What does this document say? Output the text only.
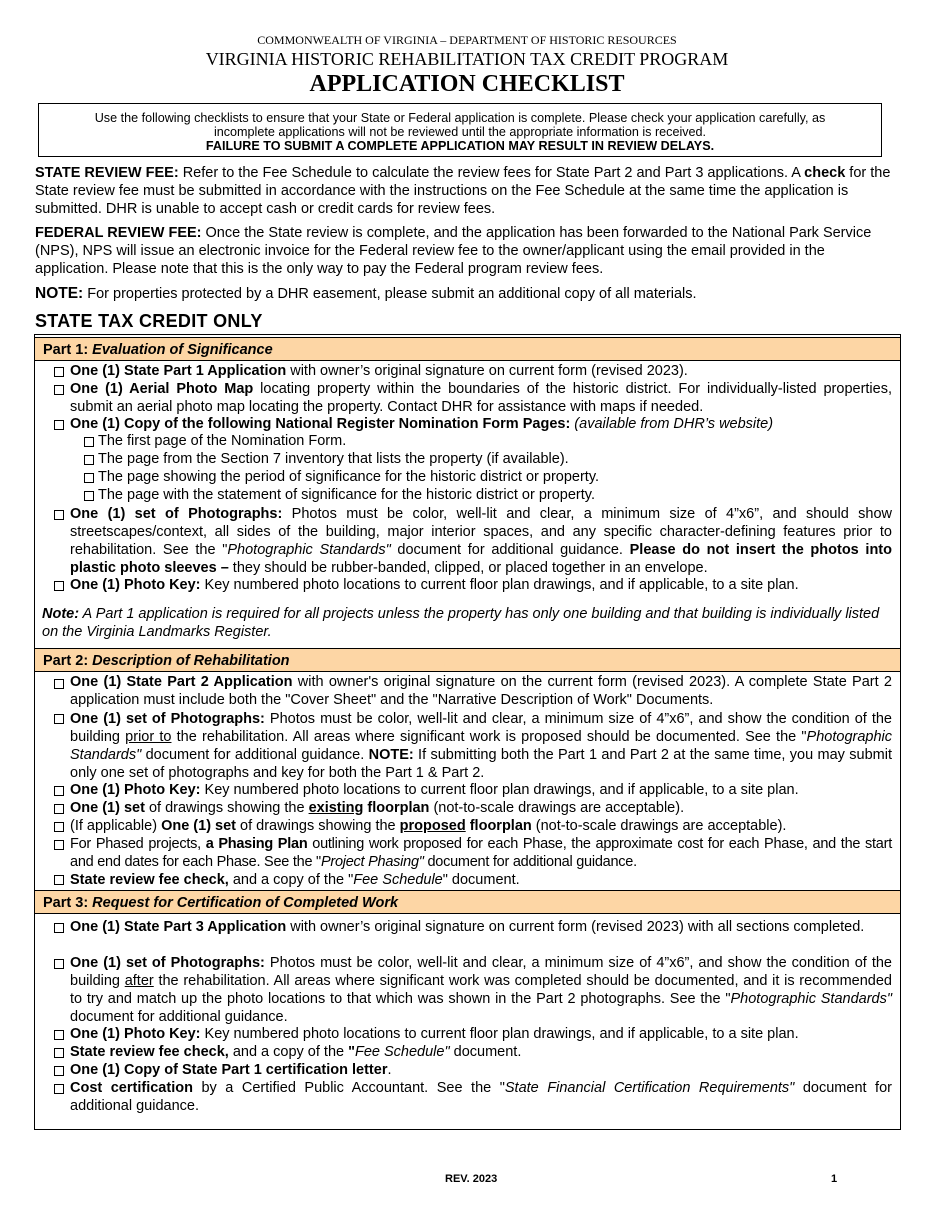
COMMONWEALTH OF VIRGINIA – DEPARTMENT OF HISTORIC RESOURCES
VIRGINIA HISTORIC REHABILITATION TAX CREDIT PROGRAM
APPLICATION CHECKLIST
Use the following checklists to ensure that your State or Federal application is complete. Please check your application carefully, as
incomplete applications will not be reviewed until the appropriate information is received.
FAILURE TO SUBMIT A COMPLETE APPLICATION MAY RESULT IN REVIEW DELAYS.
STATE REVIEW FEE: Refer to the Fee Schedule to calculate the review fees for State Part 2 and Part 3 applications. A check for the State review fee must be submitted in accordance with the instructions on the Fee Schedule at the same time the application is submitted. DHR is unable to accept cash or credit cards for review fees.
FEDERAL REVIEW FEE: Once the State review is complete, and the application has been forwarded to the National Park Service (NPS), NPS will issue an electronic invoice for the Federal review fee to the owner/applicant using the email provided in the application. Please note that this is the only way to pay the Federal program review fees.
NOTE: For properties protected by a DHR easement, please submit an additional copy of all materials.
STATE TAX CREDIT ONLY
Part 1: Evaluation of Significance
One (1) State Part 1 Application with owner’s original signature on current form (revised 2023).
One (1) Aerial Photo Map locating property within the boundaries of the historic district. For individually-listed properties, submit an aerial photo map locating the property. Contact DHR for assistance with maps if needed.
One (1) Copy of the following National Register Nomination Form Pages: (available from DHR’s website)
The first page of the Nomination Form.
The page from the Section 7 inventory that lists the property (if available).
The page showing the period of significance for the historic district or property.
The page with the statement of significance for the historic district or property.
One (1) set of Photographs: Photos must be color, well-lit and clear, a minimum size of 4”x6”, and should show streetscapes/context, all sides of the building, major interior spaces, and any specific character-defining features prior to rehabilitation. See the "Photographic Standards" document for additional guidance. Please do not insert the photos into plastic photo sleeves – they should be rubber-banded, clipped, or placed together in an envelope.
One (1) Photo Key: Key numbered photo locations to current floor plan drawings, and if applicable, to a site plan.
Note: A Part 1 application is required for all projects unless the property has only one building and that building is individually listed on the Virginia Landmarks Register.
Part 2: Description of Rehabilitation
One (1) State Part 2 Application with owner's original signature on the current form (revised 2023). A complete State Part 2 application must include both the "Cover Sheet" and the "Narrative Description of Work" Documents.
One (1) set of Photographs: Photos must be color, well-lit and clear, a minimum size of 4”x6”, and show the condition of the building prior to the rehabilitation. All areas where significant work is proposed should be documented. See the "Photographic Standards" document for additional guidance. NOTE: If submitting both the Part 1 and Part 2 at the same time, you may submit only one set of photographs and key for both the Part 1 & Part 2.
One (1) Photo Key: Key numbered photo locations to current floor plan drawings, and if applicable, to a site plan.
One (1) set of drawings showing the existing floorplan (not-to-scale drawings are acceptable).
(If applicable) One (1) set of drawings showing the proposed floorplan (not-to-scale drawings are acceptable).
For Phased projects, a Phasing Plan outlining work proposed for each Phase, the approximate cost for each Phase, and the start and end dates for each Phase. See the "Project Phasing" document for additional guidance.
State review fee check, and a copy of the "Fee Schedule" document.
Part 3: Request for Certification of Completed Work
One (1) State Part 3 Application with owner’s original signature on current form (revised 2023) with all sections completed.
One (1) set of Photographs: Photos must be color, well-lit and clear, a minimum size of 4”x6”, and show the condition of the building after the rehabilitation. All areas where significant work was completed should be documented, and it is recommended to try and match up the photo locations to that which was shown in the Part 2 photographs. See the "Photographic Standards" document for additional guidance.
One (1) Photo Key: Key numbered photo locations to current floor plan drawings, and if applicable, to a site plan.
State review fee check, and a copy of the "Fee Schedule" document.
One (1) Copy of State Part 1 certification letter.
Cost certification by a Certified Public Accountant. See the "State Financial Certification Requirements" document for additional guidance.
REV. 2023	1
